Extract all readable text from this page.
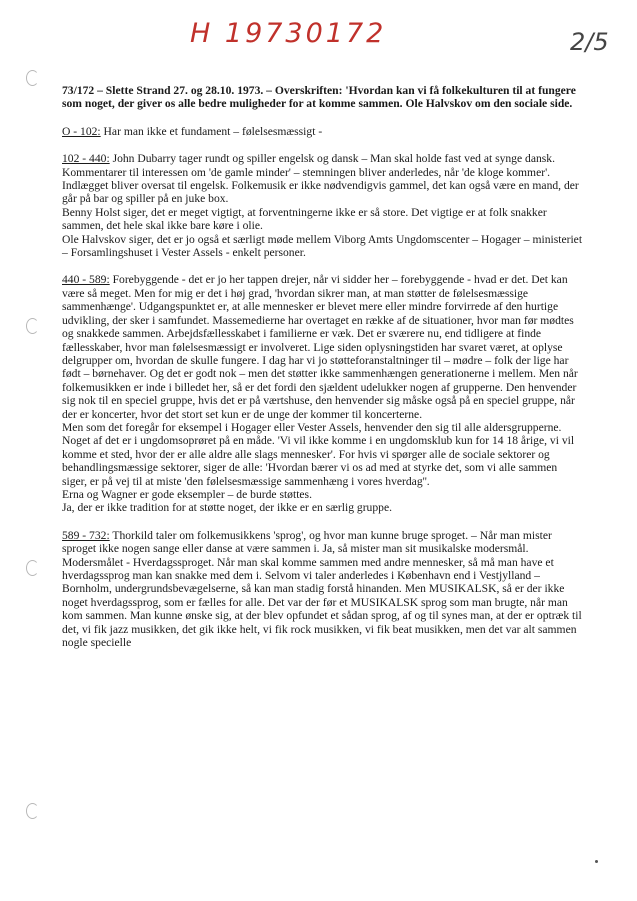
H 19730172	2/5

73/172 – Slette Strand 27. og 28.10. 1973. – Overskriften: 'Hvordan kan vi få folkekulturen til at fungere som noget, der giver os alle bedre muligheder for at komme sammen. Ole Halvskov om den sociale side.

O - 102: Har man ikke et fundament – følelsesmæssigt -

102 - 440: John Dubarry tager rundt og spiller engelsk og dansk – Man skal holde fast ved at synge dansk. Kommentarer til interessen om 'de gamle minder' – stemningen bliver anderledes, når 'de kloge kommer'. Indlægget bliver oversat til engelsk. Folkemusik er ikke nødvendigvis gammel, det kan også være en mand, der går på bar og spiller på en juke box.

Benny Holst siger, det er meget vigtigt, at forventningerne ikke er så store. Det vigtige er at folk snakker sammen, det hele skal ikke bare køre i olie.

Ole Halvskov siger, det er jo også et særligt møde mellem Viborg Amts Ungdomscenter – Hogager – ministeriet – Forsamlingshuset i Vester Assels - enkelt personer.

440 - 589: Forebyggende - det er jo her tappen drejer, når vi sidder her – forebyggende - hvad er det. Det kan være så meget. Men for mig er det i høj grad, 'hvordan sikrer man, at man støtter de følelsesmæssige sammenhænge'. Udgangspunktet er, at alle mennesker er blevet mere eller mindre forvirrede af den hurtige udvikling, der sker i samfundet. Massemedierne har overtaget en række af de situationer, hvor man før mødtes og snakkede sammen. Arbejdsfællesskabet i familierne er væk. Det er sværere nu, end tidligere at finde fællesskaber, hvor man følelsesmæssigt er involveret. Lige siden oplysningstiden har svaret været, at oplyse delgrupper om, hvordan de skulle fungere. I dag har vi jo støtteforanstaltninger til – mødre – folk der lige har født – børnehaver. Og det er godt nok – men det støtter ikke sammenhængen generationerne i mellem. Men når folkemusikken er inde i billedet her, så er det fordi den sjældent udelukker nogen af grupperne. Den henvender sig nok til en speciel gruppe, hvis det er på værtshuse, den henvender sig måske også på en speciel gruppe, når der er koncerter, hvor det stort set kun er de unge der kommer til koncerterne.

Men som det foregår for eksempel i Hogager eller Vester Assels, henvender den sig til alle aldersgrupperne.

Noget af det er i ungdomsoprøret på en måde. 'Vi vil ikke komme i en ungdomsklub kun for 14 18 årige, vi vil komme et sted, hvor der er alle aldre alle slags mennesker'. For hvis vi spørger alle de sociale sektorer og behandlingsmæssige sektorer, siger de alle: 'Hvordan bærer vi os ad med at styrke det, som vi alle sammen siger, er på vej til at miste 'den følelsesmæssige sammenhæng i vores hverdag''.

Erna og Wagner er gode eksempler – de burde støttes.

Ja, der er ikke tradition for at støtte noget, der ikke er en særlig gruppe.

589 - 732: Thorkild taler om folkemusikkens 'sprog', og hvor man kunne bruge sproget. – Når man mister sproget ikke nogen sange eller danse at være sammen i. Ja, så mister man sit musikalske modersmål. Modersmålet - Hverdagssproget. Når man skal komme sammen med andre mennesker, så må man have et hverdagssprog man kan snakke med dem i. Selvom vi taler anderledes i København end i Vestjylland – Bornholm, undergrundsbevægelserne, så kan man stadig forstå hinanden. Men MUSIKALSK, så er der ikke noget hverdagssprog, som er fælles for alle. Det var der før et MUSIKALSK sprog som man brugte, når man kom sammen. Man kunne ønske sig, at der blev opfundet et sådan sprog, af og til synes man, at der er optræk til det, vi fik jazz musikken, det gik ikke helt, vi fik rock musikken, vi fik beat musikken, men det var alt sammen nogle specielle
